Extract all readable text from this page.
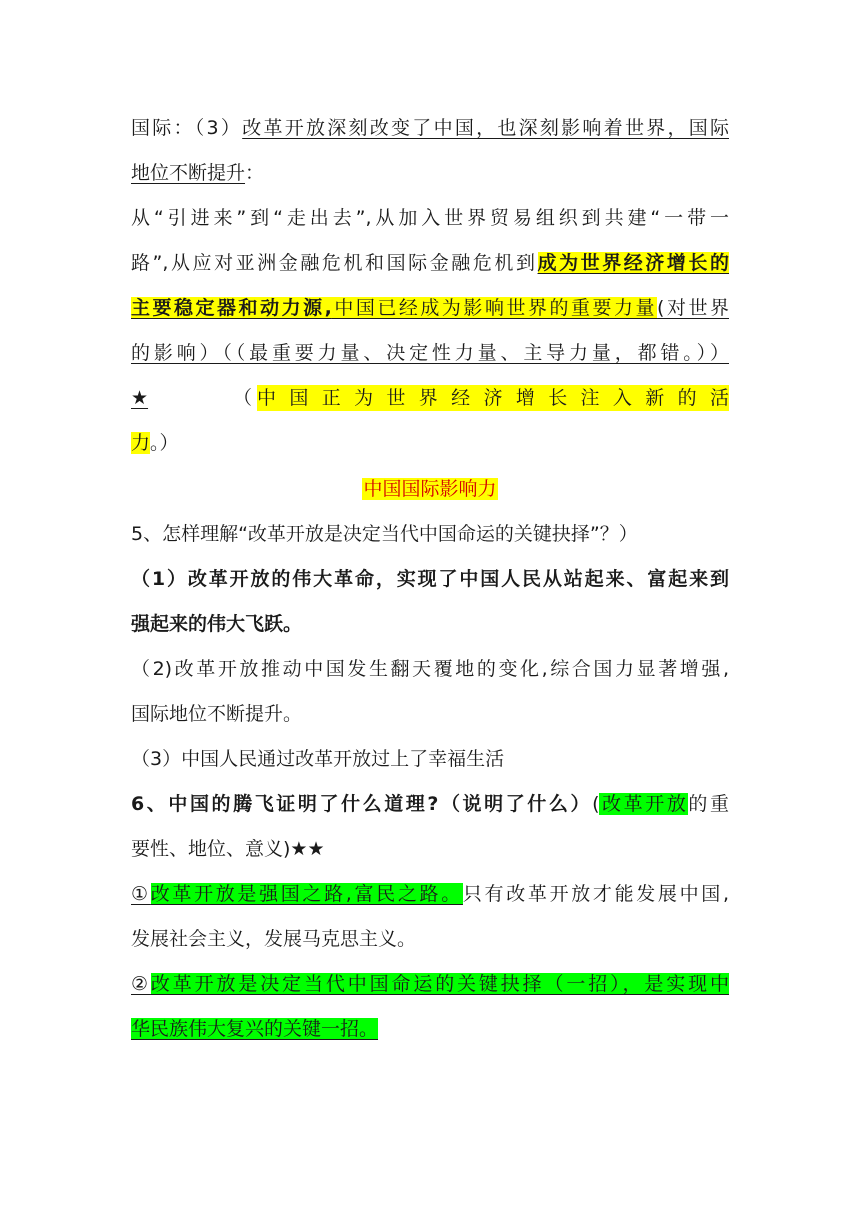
国际：（3）改革开放深刻改变了中国，也深刻影响着世界，国际
地位不断提升：
从“引进来”到“走出去”,从加入世界贸易组织到共建“一带一
路”,从应对亚洲金融危机和国际金融危机到成为世界经济增长的
主要稳定器和动力源,中国已经成为影响世界的重要力量(对世界
的影响）（（最重要力量、决定性力量、主导力量，都错。））
★	（ 中国正为世界经济增长注入新的活
力。）
中国国际影响力
5、怎样理解“改革开放是决定当代中国命运的关键抉择”？）
（1）改革开放的伟大革命，实现了中国人民从站起来、富起来到
强起来的伟大飞跃。
（2)改革开放推动中国发生翻天覆地的变化,综合国力显著增强,
国际地位不断提升。
（3）中国人民通过改革开放过上了幸福生活
6、中国的腾飞证明了什么道理?（说明了什么）(改革开放的重
要性、地位、意义)★★
①改革开放是强国之路,富民之路。只有改革开放才能发展中国,
发展社会主义，发展马克思主义。
②改革开放是决定当代中国命运的关键抉择（一招），是实现中
华民族伟大复兴的关键一招。
